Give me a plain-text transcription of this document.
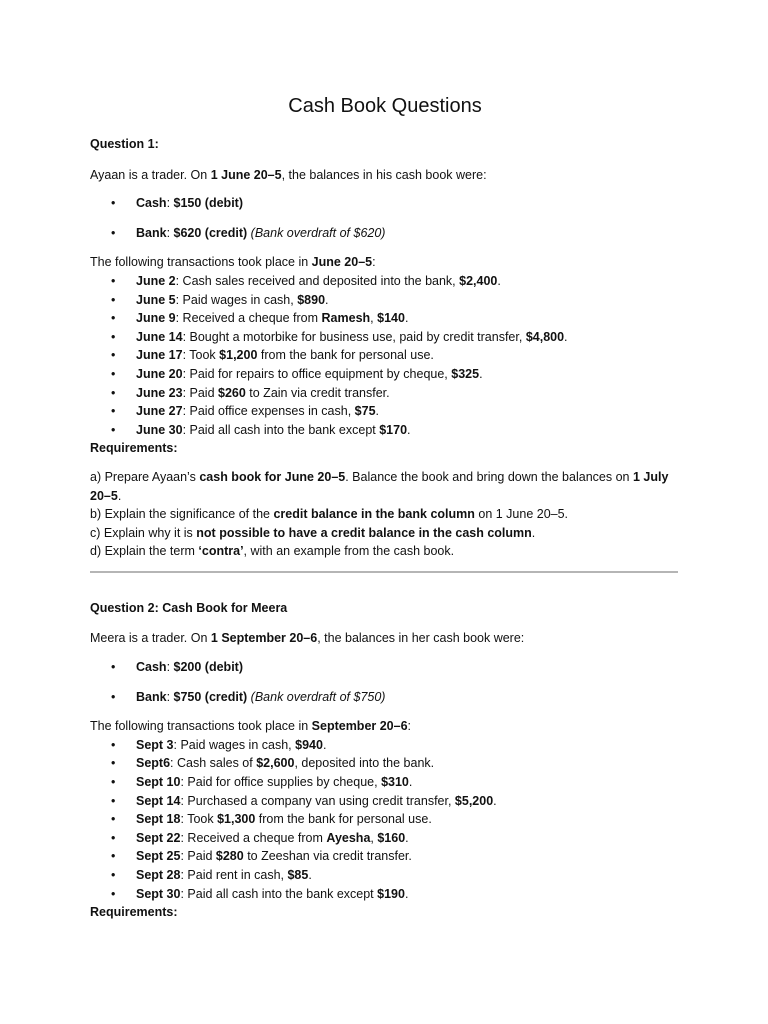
Cash Book Questions

Question 1:

Ayaan is a trader. On 1 June 20–5, the balances in his cash book were:

• Cash: $150 (debit)
• Bank: $620 (credit) (Bank overdraft of $620)

The following transactions took place in June 20–5:

• June 2: Cash sales received and deposited into the bank, $2,400.
• June 5: Paid wages in cash, $890.
• June 9: Received a cheque from Ramesh, $140.
• June 14: Bought a motorbike for business use, paid by credit transfer, $4,800.
• June 17: Took $1,200 from the bank for personal use.
• June 20: Paid for repairs to office equipment by cheque, $325.
• June 23: Paid $260 to Zain via credit transfer.
• June 27: Paid office expenses in cash, $75.
• June 30: Paid all cash into the bank except $170.

Requirements:

a) Prepare Ayaan’s cash book for June 20–5. Balance the book and bring down the balances on 1 July 20–5.

b) Explain the significance of the credit balance in the bank column on 1 June 20–5.

c) Explain why it is not possible to have a credit balance in the cash column.

d) Explain the term ‘contra’, with an example from the cash book.

Question 2: Cash Book for Meera

Meera is a trader. On 1 September 20–6, the balances in her cash book were:

• Cash: $200 (debit)
• Bank: $750 (credit) (Bank overdraft of $750)

The following transactions took place in September 20–6:

• Sept 3: Paid wages in cash, $940.
• Sept6: Cash sales of $2,600, deposited into the bank.
• Sept 10: Paid for office supplies by cheque, $310.
• Sept 14: Purchased a company van using credit transfer, $5,200.
• Sept 18: Took $1,300 from the bank for personal use.
• Sept 22: Received a cheque from Ayesha, $160.
• Sept 25: Paid $280 to Zeeshan via credit transfer.
• Sept 28: Paid rent in cash, $85.
• Sept 30: Paid all cash into the bank except $190.

Requirements:
